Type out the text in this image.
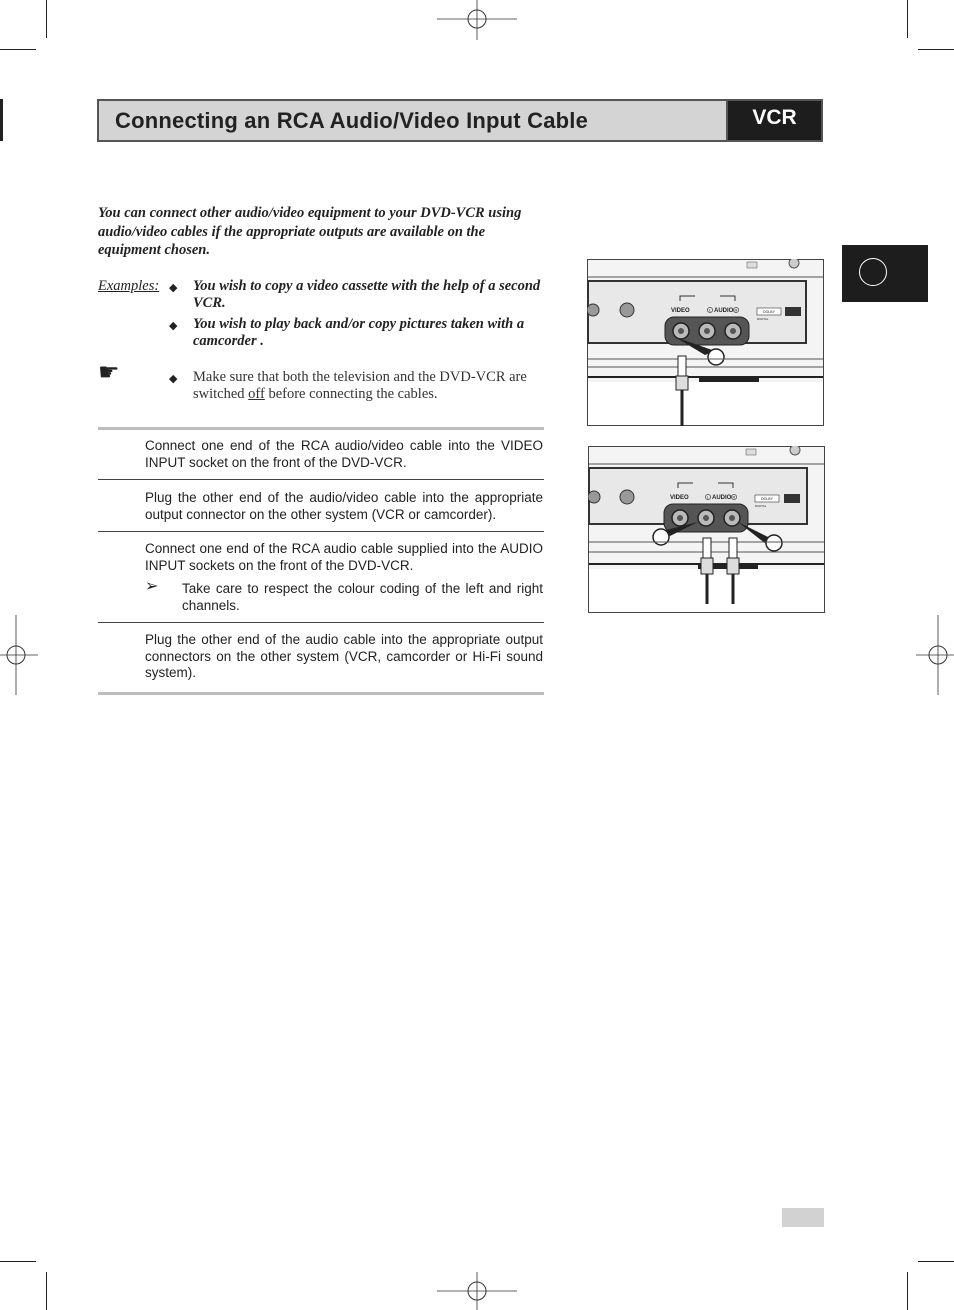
Connecting an RCA Audio/Video Input Cable	VCR
You can connect other audio/video equipment to your DVD-VCR using audio/video cables if the appropriate outputs are available on the equipment chosen.
Examples: ◆ You wish to copy a video cassette with the help of a second VCR.
◆ You wish to play back and/or copy pictures taken with a camcorder .
☛	◆ Make sure that both the television and the DVD-VCR are switched off before connecting the cables.
Connect one end of the RCA audio/video cable into the VIDEO INPUT socket on the front of the DVD-VCR.
Plug the other end of the audio/video cable into the appropriate output connector on the other system (VCR or camcorder).
Connect one end of the RCA audio cable supplied into the AUDIO INPUT sockets on the front of the DVD-VCR.
➢ Take care to respect the colour coding of the left and right channels.
Plug the other end of the audio cable into the appropriate output connectors on the other system (VCR, camcorder or Hi-Fi sound system).
VIDEO	L AUDIO R	DOLBY
DIGITAL
VIDEO	L AUDIO R	DOLBY
DIGITAL
